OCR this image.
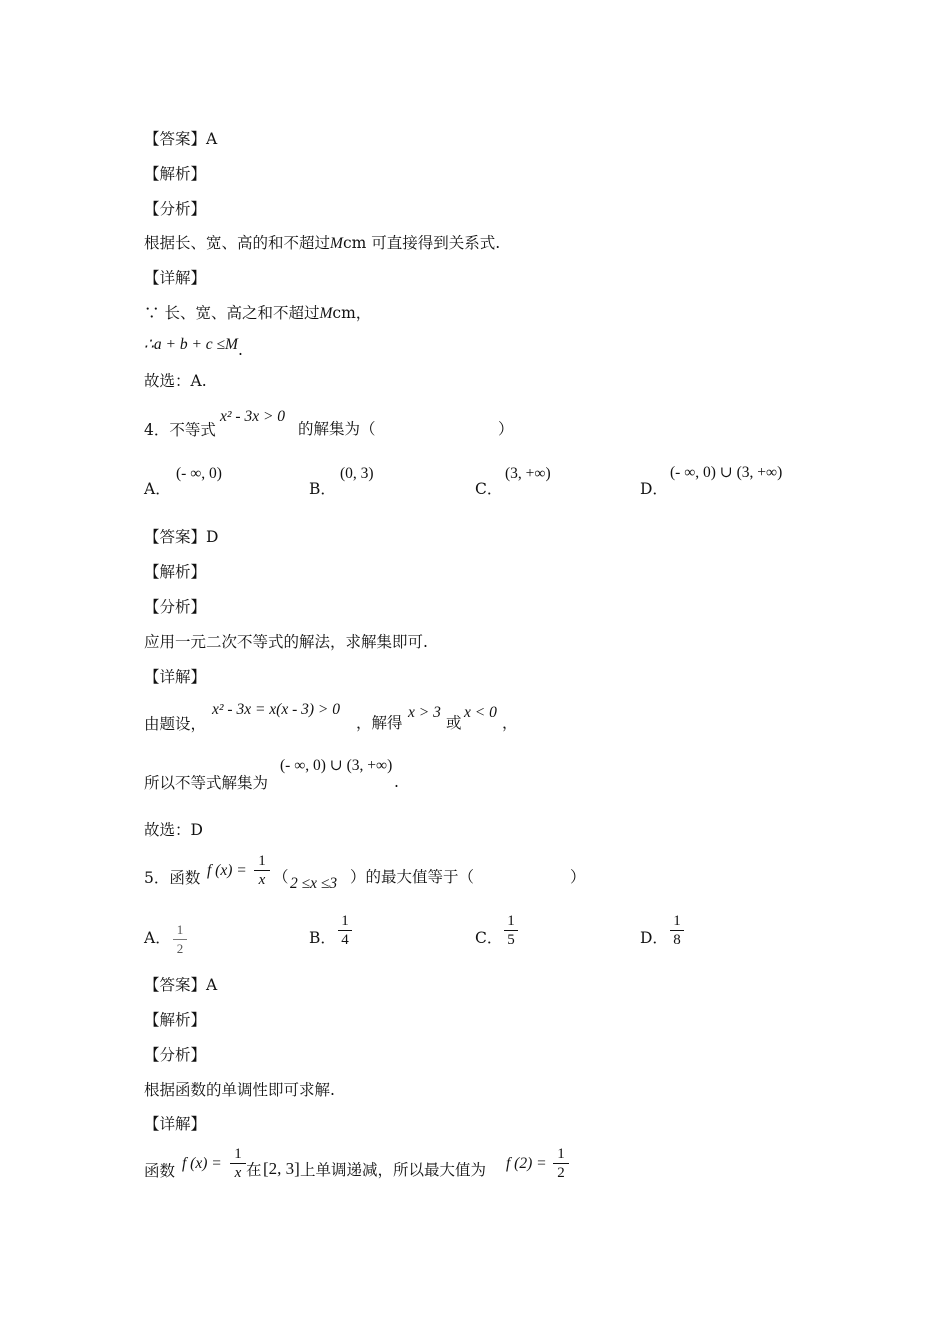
【答案】A
【解析】
【分析】
根据长、宽、高的和不超过Mcm 可直接得到关系式.
【详解】
∵ 长、宽、高之和不超过Mcm，
∴a + b + c ≤M.
故选：A.
4．不等式
x² - 3x > 0
的解集为（	）
A．
(- ∞, 0)
B．
(0, 3)
C．
(3, +∞)
D．
(- ∞, 0) ∪ (3, +∞)
【答案】D
【解析】
【分析】
应用一元二次不等式的解法，求解集即可.
【详解】
由题设，
x² - 3x = x(x - 3) > 0
，解得
x > 3
或
x < 0
，
所以不等式解集为
(- ∞, 0) ∪ (3, +∞)
.
故选：D
5．函数 f (x) =
1
x （ 2 ≤x ≤3 ）的最大值等于（	）
A． 1
2
B．
1
4	C．
1
5	D．
1
8
【答案】A
【解析】
【分析】
根据函数的单调性即可求解.
【详解】
函数 f (x) =
1
x 在 [2, 3] 上单调递减，所以最大值为 f (2) =
1
2
